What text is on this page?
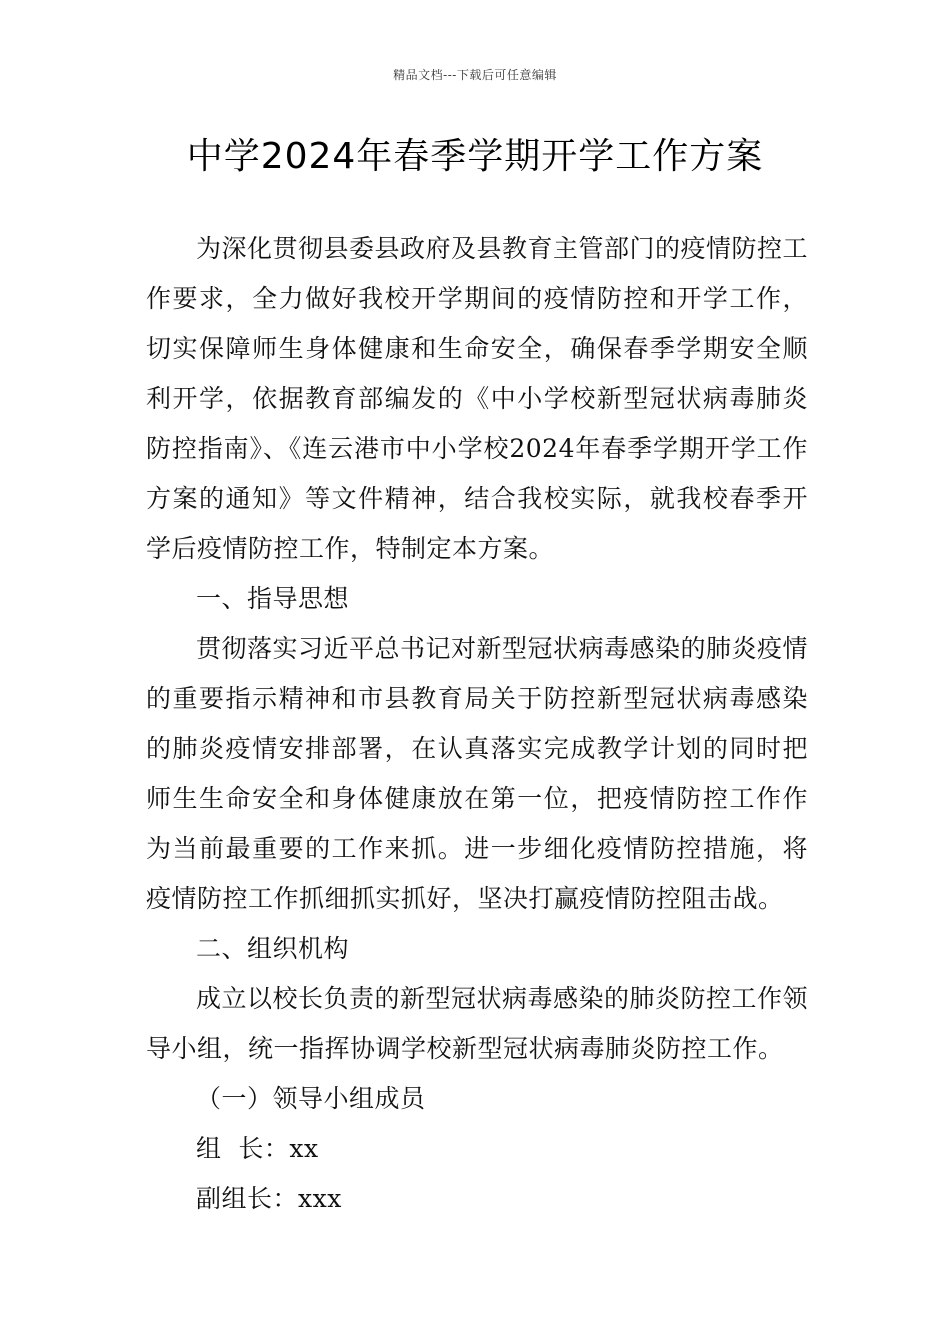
精品文档---下载后可任意编辑
中学2024年春季学期开学工作方案

为深化贯彻县委县政府及县教育主管部门的疫情防控工作要求，全力做好我校开学期间的疫情防控和开学工作，切实保障师生身体健康和生命安全，确保春季学期安全顺利开学，依据教育部编发的《中小学校新型冠状病毒肺炎防控指南》、《连云港市中小学校2024年春季学期开学工作方案的通知》等文件精神，结合我校实际，就我校春季开学后疫情防控工作，特制定本方案。

一、指导思想

贯彻落实习近平总书记对新型冠状病毒感染的肺炎疫情的重要指示精神和市县教育局关于防控新型冠状病毒感染的肺炎疫情安排部署，在认真落实完成教学计划的同时把师生生命安全和身体健康放在第一位，把疫情防控工作作为当前最重要的工作来抓。进一步细化疫情防控措施，将疫情防控工作抓细抓实抓好，坚决打赢疫情防控阻击战。

二、组织机构

成立以校长负责的新型冠状病毒感染的肺炎防控工作领导小组，统一指挥协调学校新型冠状病毒肺炎防控工作。

（一）领导小组成员

组  长：xx

副组长：xxx
